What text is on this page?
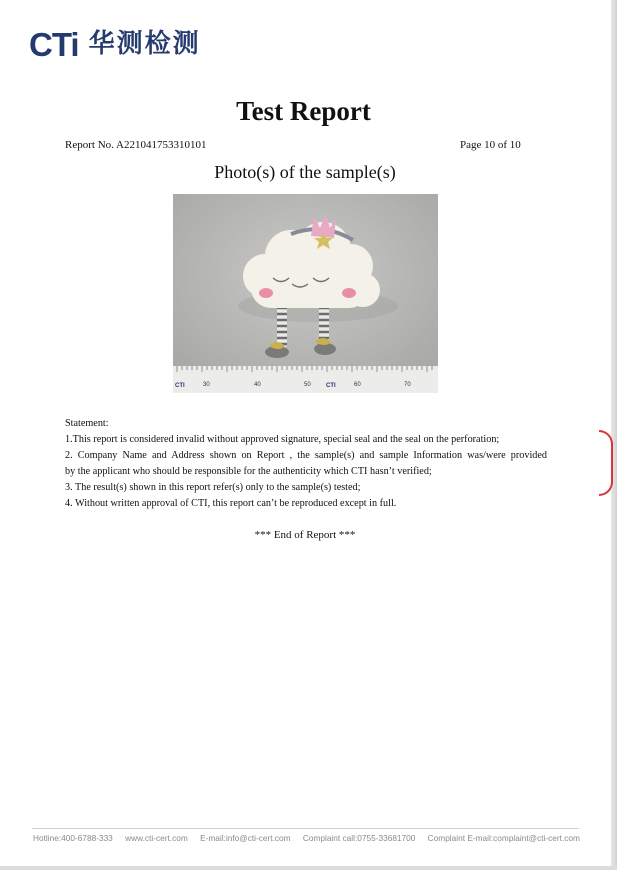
CTi 华测检测
Test Report
Report No. A221041753310101	Page 10 of 10
Photo(s) of the sample(s)
CTI	30	40	50	CTI	60	70

Statement:

1.This report is considered invalid without approved signature, special seal and the seal on the perforation;

2. Company Name and Address shown on Report , the sample(s) and sample Information was/were provided

by the applicant who should be responsible for the authenticity which CTI hasn’t verified;

3. The result(s) shown in this report refer(s) only to the sample(s) tested;

4. Without written approval of CTI, this report can’t be reproduced except in full.

*** End of Report ***
Hotline:400-6788-333 www.cti-cert.com E-mail:info@cti-cert.com Complaint call:0755-33681700 Complaint E-mail:complaint@cti-cert.com
